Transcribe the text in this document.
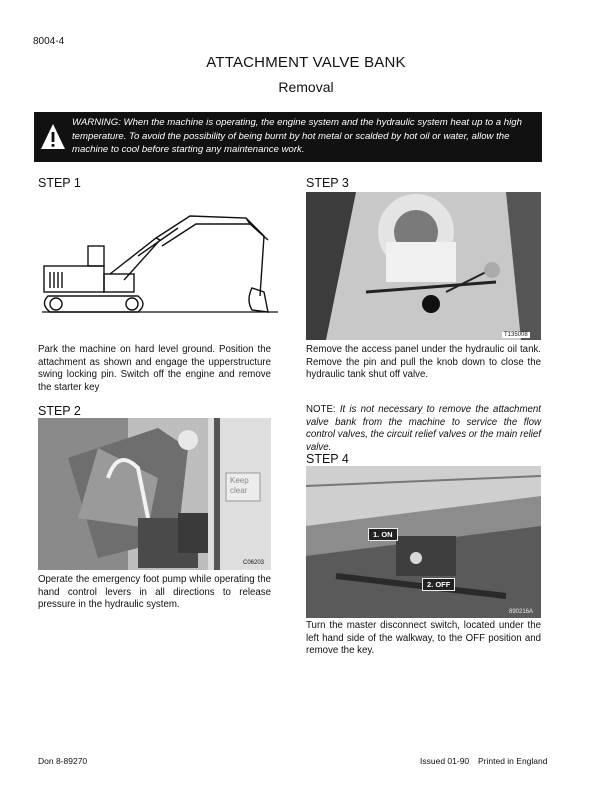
8004-4
ATTACHMENT VALVE BANK
Removal
WARNING: When the machine is operating, the engine system and the hydraulic system heat up to a high temperature. To avoid the possibility of being burnt by hot metal or scalded by hot oil or water, allow the machine to cool before starting any maintenance work.
STEP 1
Park the machine on hard level ground. Position the attachment as shown and engage the upperstructure swing locking pin. Switch off the engine and remove the starter key
STEP 2
Keep
clear
C06203
Operate the emergency foot pump while operating the hand control levers in all directions to release pressure in the hydraulic system.
STEP 3
T135008
Remove the access panel under the hydraulic oil tank. Remove the pin and pull the knob down to close the hydraulic tank shut off valve.
NOTE: It is not necessary to remove the attachment valve bank from the machine to service the flow control valves, the circuit relief valves or the main relief valve.
STEP 4
1. ON
2. OFF
890216A
Turn the master disconnect switch, located under the left hand side of the walkway, to the OFF position and remove the key.
Don 8-89270	Issued 01-90 Printed in England
